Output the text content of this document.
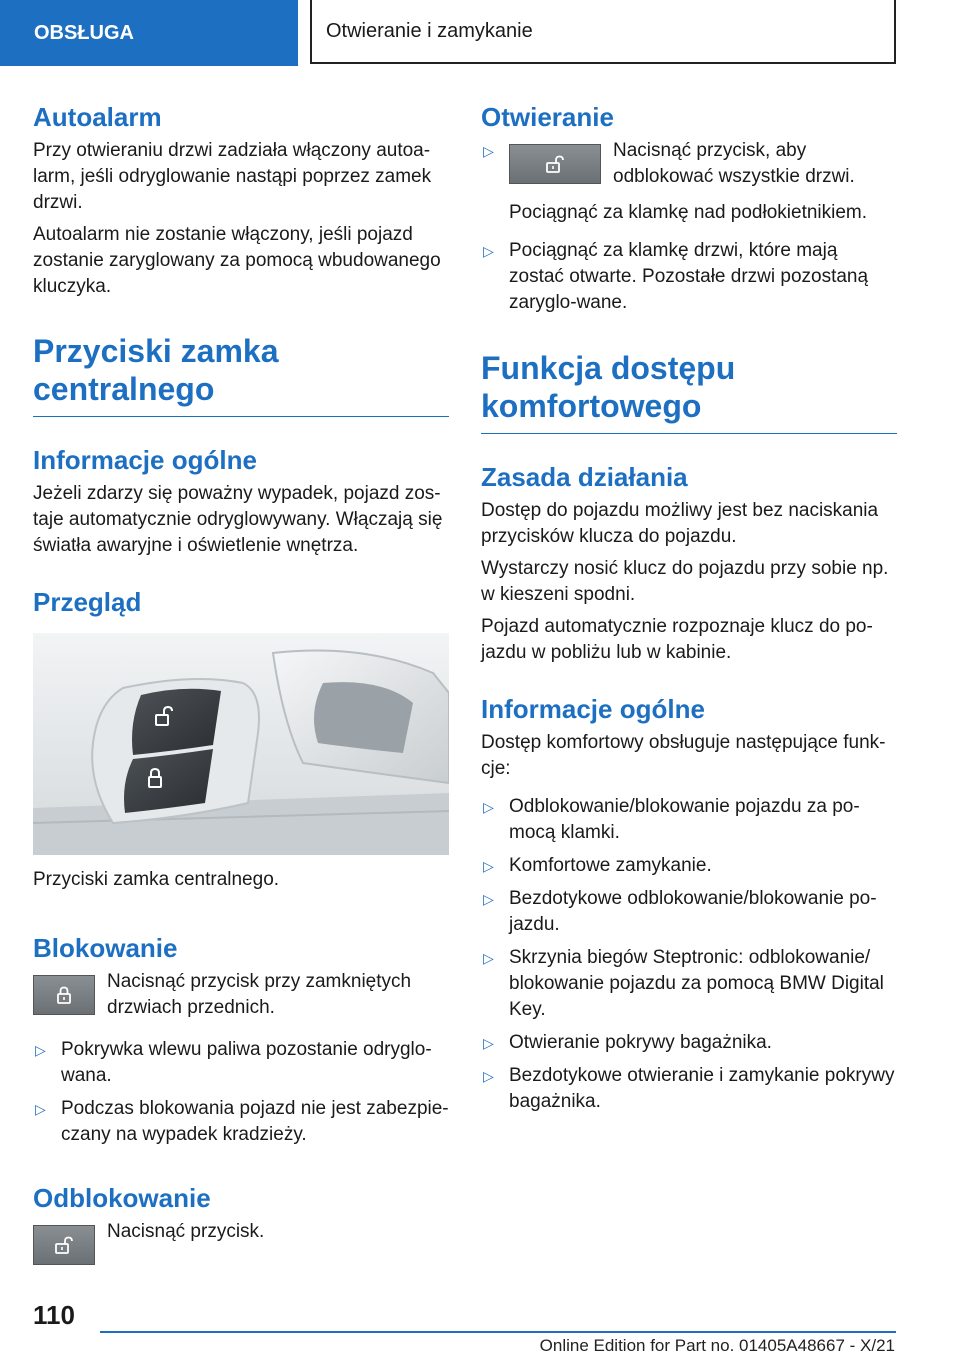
OBSŁUGA	Otwieranie i zamykanie
Autoalarm

Przy otwieraniu drzwi zadziała włączony autoa-larm, jeśli odryglowanie nastąpi poprzez zamek drzwi.

Autoalarm nie zostanie włączony, jeśli pojazd zostanie zaryglowany za pomocą wbudowanego kluczyka.

Przyciski zamka centralnego
Informacje ogólne

Jeżeli zdarzy się poważny wypadek, pojazd zos-taje automatycznie odryglowywany. Włączają się światła awaryjne i oświetlenie wnętrza.

Przegląd

Przyciski zamka centralnego.

Blokowanie

Nacisnąć przycisk przy zamkniętych drzwiach przednich.

▷ Pokrywka wlewu paliwa pozostanie odryglo-wana.
▷ Podczas blokowania pojazd nie jest zabezpie-czany na wypadek kradzieży.
Odblokowanie

Nacisnąć przycisk.

Otwieranie
▷	Nacisnąć przycisk, aby odblokować wszystkie drzwi.

Pociągnąć za klamkę nad podłokietnikiem.

▷ Pociągnąć za klamkę drzwi, które mają zostać otwarte. Pozostałe drzwi pozostaną zaryglo-wane.
Funkcja dostępu komfortowego
Zasada działania

Dostęp do pojazdu możliwy jest bez naciskania przycisków klucza do pojazdu.

Wystarczy nosić klucz do pojazdu przy sobie np. w kieszeni spodni.

Pojazd automatycznie rozpoznaje klucz do po-jazdu w pobliżu lub w kabinie.

Informacje ogólne

Dostęp komfortowy obsługuje następujące funk-cje:

▷ Odblokowanie/blokowanie pojazdu za po-mocą klamki.
▷ Komfortowe zamykanie.
▷ Bezdotykowe odblokowanie/blokowanie po-jazdu.
▷ Skrzynia biegów Steptronic: odblokowanie/ blokowanie pojazdu za pomocą BMW Digital Key.
▷ Otwieranie pokrywy bagażnika.
▷ Bezdotykowe otwieranie i zamykanie pokrywy bagażnika.
110
Online Edition for Part no. 01405A48667 - X/21
